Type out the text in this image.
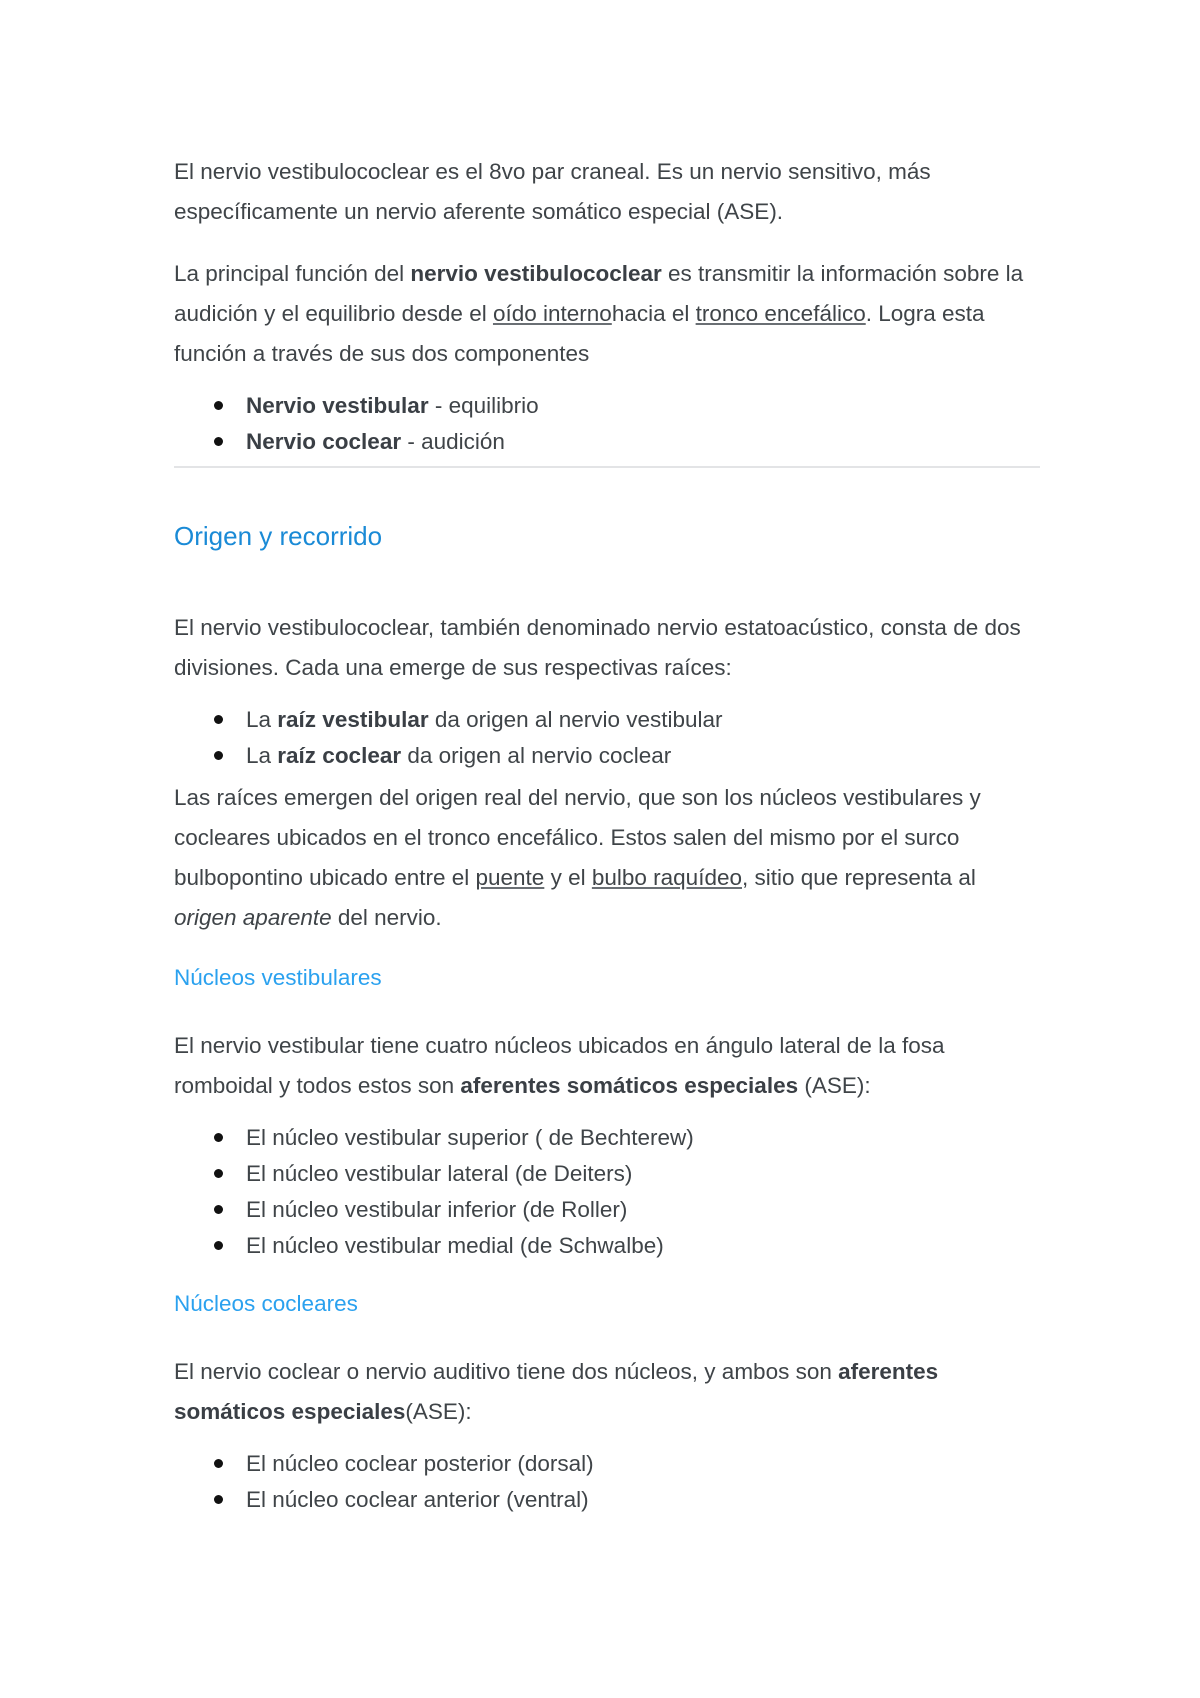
El nervio vestibulococlear es el 8vo par craneal. Es un nervio sensitivo, más específicamente un nervio aferente somático especial (ASE).

La principal función del nervio vestibulococlear es transmitir la información sobre la audición y el equilibrio desde el oído internohacia el tronco encefálico. Logra esta función a través de sus dos componentes

Nervio vestibular - equilibrio
Nervio coclear - audición
Origen y recorrido

El nervio vestibulococlear, también denominado nervio estatoacústico, consta de dos divisiones. Cada una emerge de sus respectivas raíces:

La raíz vestibular da origen al nervio vestibular
La raíz coclear da origen al nervio coclear

Las raíces emergen del origen real del nervio, que son los núcleos vestibulares y cocleares ubicados en el tronco encefálico. Estos salen del mismo por el surco bulbopontino ubicado entre el puente y el bulbo raquídeo, sitio que representa al origen aparente del nervio.

Núcleos vestibulares

El nervio vestibular tiene cuatro núcleos ubicados en ángulo lateral de la fosa romboidal y todos estos son aferentes somáticos especiales (ASE):

El núcleo vestibular superior ( de Bechterew)
El núcleo vestibular lateral (de Deiters)
El núcleo vestibular inferior (de Roller)
El núcleo vestibular medial (de Schwalbe)
Núcleos cocleares

El nervio coclear o nervio auditivo tiene dos núcleos, y ambos son aferentes somáticos especiales(ASE):

El núcleo coclear posterior (dorsal)
El núcleo coclear anterior (ventral)
